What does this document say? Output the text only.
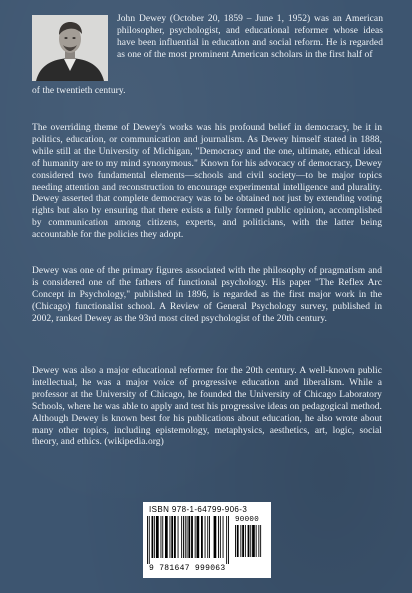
John Dewey (October 20, 1859 – June 1, 1952) was an American philosopher, psychologist, and educational reformer whose ideas have been influential in education and social reform. He is regarded as one of the most prominent American scholars in the first half of

of the twentieth century.

The overriding theme of Dewey's works was his profound belief in democracy, be it in politics, education, or communication and journalism. As Dewey himself stated in 1888, while still at the University of Michigan, "Democracy and the one, ultimate, ethical ideal of humanity are to my mind synonymous." Known for his advocacy of democracy, Dewey considered two fundamental elements—schools and civil society—to be major topics needing attention and reconstruction to encourage experimental intelligence and plurality. Dewey asserted that complete democracy was to be obtained not just by extending voting rights but also by ensuring that there exists a fully formed public opinion, accomplished by communication among citizens, experts, and politicians, with the latter being accountable for the policies they adopt.

Dewey was one of the primary figures associated with the philosophy of pragmatism and is considered one of the fathers of functional psychology. His paper "The Reflex Arc Concept in Psychology," published in 1896, is regarded as the first major work in the (Chicago) functionalist school. A Review of General Psychology survey, published in 2002, ranked Dewey as the 93rd most cited psychologist of the 20th century.

Dewey was also a major educational reformer for the 20th century. A well-known public intellectual, he was a major voice of progressive education and liberalism. While a professor at the University of Chicago, he founded the University of Chicago Laboratory Schools, where he was able to apply and test his progressive ideas on pedagogical method. Although Dewey is known best for his publications about education, he also wrote about many other topics, including epistemology, metaphysics, aesthetics, art, logic, social theory, and ethics. (wikipedia.org)

ISBN 978-1-64799-906-3
90000
9 781647 999063
